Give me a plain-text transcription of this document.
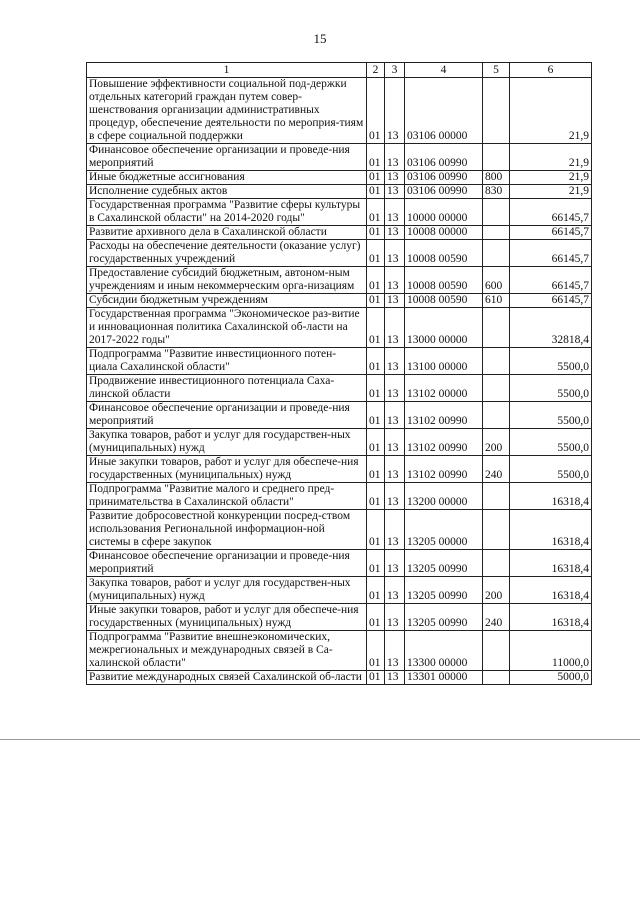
15
1	2	3	4	5	6
Повышение эффективности социальной под-держки отдельных категорий граждан путем совер-шенствования организации административных процедур, обеспечение деятельности по мероприя-тиям в сфере социальной поддержки	01	13	03106 00000		21,9
Финансовое обеспечение организации и проведе-ния мероприятий	01	13	03106 00990		21,9
Иные бюджетные ассигнования	01	13	03106 00990	800	21,9
Исполнение судебных актов	01	13	03106 00990	830	21,9
Государственная программа "Развитие сферы культуры в Сахалинской области" на 2014-2020 годы"	01	13	10000 00000		66145,7
Развитие архивного дела в Сахалинской области	01	13	10008 00000		66145,7
Расходы на обеспечение деятельности (оказание услуг) государственных учреждений	01	13	10008 00590		66145,7
Предоставление субсидий бюджетным, автоном-ным учреждениям и иным некоммерческим орга-низациям	01	13	10008 00590	600	66145,7
Субсидии бюджетным учреждениям	01	13	10008 00590	610	66145,7
Государственная программа "Экономическое раз-витие и инновационная политика Сахалинской об-ласти на 2017-2022 годы"	01	13	13000 00000		32818,4
Подпрограмма "Развитие инвестиционного потен-циала Сахалинской области"	01	13	13100 00000		5500,0
Продвижение инвестиционного потенциала Саха-линской области	01	13	13102 00000		5500,0
Финансовое обеспечение организации и проведе-ния мероприятий	01	13	13102 00990		5500,0
Закупка товаров, работ и услуг для государствен-ных (муниципальных) нужд	01	13	13102 00990	200	5500,0
Иные закупки товаров, работ и услуг для обеспече-ния государственных (муниципальных) нужд	01	13	13102 00990	240	5500,0
Подпрограмма "Развитие малого и среднего пред-принимательства в Сахалинской области"	01	13	13200 00000		16318,4
Развитие добросовестной конкуренции посред-ством использования Региональной информацион-ной системы в сфере закупок	01	13	13205 00000		16318,4
Финансовое обеспечение организации и проведе-ния мероприятий	01	13	13205 00990		16318,4
Закупка товаров, работ и услуг для государствен-ных (муниципальных) нужд	01	13	13205 00990	200	16318,4
Иные закупки товаров, работ и услуг для обеспече-ния государственных (муниципальных) нужд	01	13	13205 00990	240	16318,4
Подпрограмма "Развитие внешнеэкономических, межрегиональных и международных связей в Са-халинской области"	01	13	13300 00000		11000,0
Развитие международных связей Сахалинской об-ласти	01	13	13301 00000		5000,0
